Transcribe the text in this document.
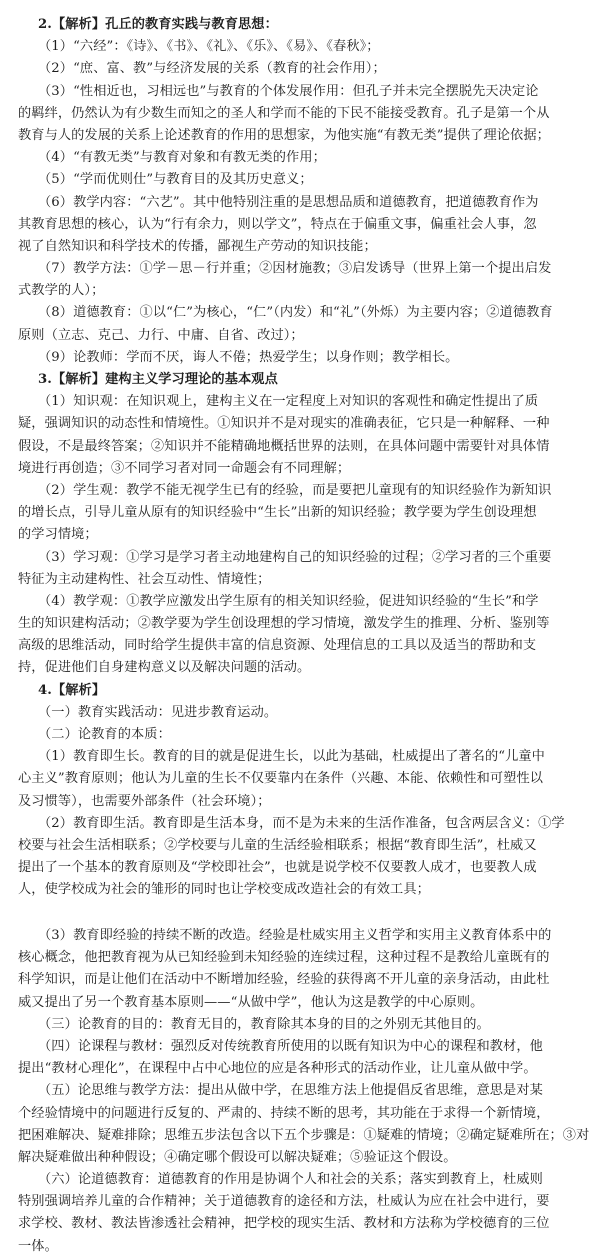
2.【解析】孔丘的教育实践与教育思想：
（1）“六经”：《诗》、《书》、《礼》、《乐》、《易》、《春秋》；
（2）“庶、富、教”与经济发展的关系（教育的社会作用）；
（3）“性相近也，习相远也”与教育的个体发展作用：但孔子并未完全摆脱先天决定论
的羁绊，仍然认为有少数生而知之的圣人和学而不能的下民不能接受教育。孔子是第一个从
教育与人的发展的关系上论述教育的作用的思想家，为他实施“有教无类”提供了理论依据；
（4）“有教无类”与教育对象和有教无类的作用；
（5）“学而优则仕”与教育目的及其历史意义；
（6）教学内容：“六艺”。其中他特别注重的是思想品质和道德教育，把道德教育作为
其教育思想的核心，认为“行有余力，则以学文”，特点在于偏重文事，偏重社会人事，忽
视了自然知识和科学技术的传播，鄙视生产劳动的知识技能；
（7）教学方法：①学－思－行并重；②因材施教；③启发诱导（世界上第一个提出启发
式教学的人）；
（8）道德教育：①以“仁”为核心，“仁”（内发）和“礼”（外烁）为主要内容；②道德教育
原则（立志、克己、力行、中庸、自省、改过）；
（9）论教师：学而不厌，诲人不倦；热爱学生；以身作则；教学相长。
3.【解析】建构主义学习理论的基本观点
（1）知识观：在知识观上，建构主义在一定程度上对知识的客观性和确定性提出了质
疑，强调知识的动态性和情境性。①知识并不是对现实的准确表征，它只是一种解释、一种
假设，不是最终答案；②知识并不能精确地概括世界的法则，在具体问题中需要针对具体情
境进行再创造；③不同学习者对同一命题会有不同理解；
（2）学生观：教学不能无视学生已有的经验，而是要把儿童现有的知识经验作为新知识
的增长点，引导儿童从原有的知识经验中“生长”出新的知识经验；教学要为学生创设理想
的学习情境；
（3）学习观：①学习是学习者主动地建构自己的知识经验的过程；②学习者的三个重要
特征为主动建构性、社会互动性、情境性；
（4）教学观：①教学应激发出学生原有的相关知识经验，促进知识经验的“生长”和学
生的知识建构活动；②教学要为学生创设理想的学习情境，激发学生的推理、分析、鉴别等
高级的思维活动，同时给学生提供丰富的信息资源、处理信息的工具以及适当的帮助和支
持，促进他们自身建构意义以及解决问题的活动。
4.【解析】
（一）教育实践活动：见进步教育运动。
（二）论教育的本质：
（1）教育即生长。教育的目的就是促进生长，以此为基础，杜威提出了著名的“儿童中
心主义”教育原则；他认为儿童的生长不仅要靠内在条件（兴趣、本能、依赖性和可塑性以
及习惯等），也需要外部条件（社会环境）；
（2）教育即生活。教育即是生活本身，而不是为未来的生活作准备，包含两层含义：①学
校要与社会生活相联系；②学校要与儿童的生活经验相联系；根据“教育即生活”，杜威又
提出了一个基本的教育原则及“学校即社会”，也就是说学校不仅要教人成才，也要教人成
人，使学校成为社会的雏形的同时也让学校变成改造社会的有效工具；
（3）教育即经验的持续不断的改造。经验是杜威实用主义哲学和实用主义教育体系中的
核心概念，他把教育视为从已知经验到未知经验的连续过程，这种过程不是教给儿童既有的
科学知识，而是让他们在活动中不断增加经验，经验的获得离不开儿童的亲身活动，由此杜
威又提出了另一个教育基本原则——“从做中学”，他认为这是教学的中心原则。
（三）论教育的目的：教育无目的，教育除其本身的目的之外别无其他目的。
（四）论课程与教材：强烈反对传统教育所使用的以既有知识为中心的课程和教材，他
提出“教材心理化”，在课程中占中心地位的应是各种形式的活动作业，让儿童从做中学。
（五）论思维与教学方法：提出从做中学，在思维方法上他提倡反省思维，意思是对某
个经验情境中的问题进行反复的、严肃的、持续不断的思考，其功能在于求得一个新情境，
把困难解决、疑难排除；思维五步法包含以下五个步骤是：①疑难的情境；②确定疑难所在；③对
解决疑难做出种种假设；④确定哪个假设可以解决疑难；⑤验证这个假设。
（六）论道德教育：道德教育的作用是协调个人和社会的关系；落实到教育上，杜威则
特别强调培养儿童的合作精神；关于道德教育的途径和方法，杜威认为应在社会中进行，要
求学校、教材、教法皆渗透社会精神，把学校的现实生活、教材和方法称为学校德育的三位
一体。
